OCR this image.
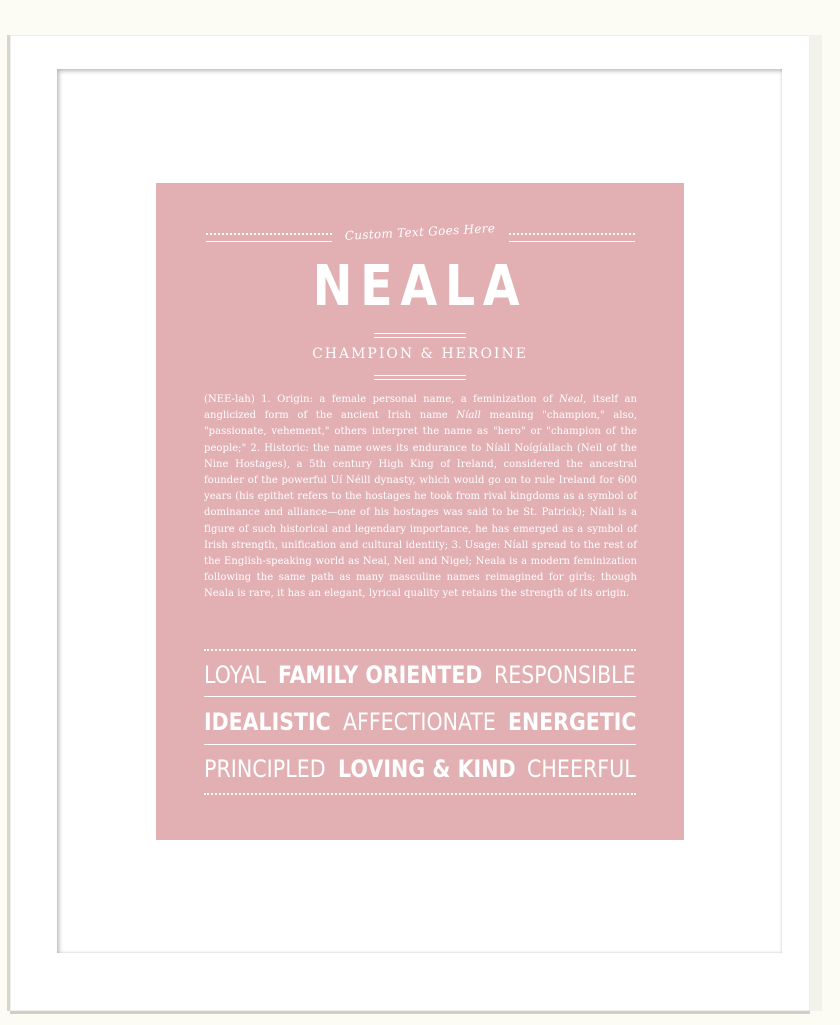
Custom Text Goes Here
NEALA
CHAMPION & HEROINE
(NEE-lah) 1. Origin: a female personal name, a feminization of Neal, itself an anglicized form of the ancient Irish name Níall meaning "champion," also, "passionate, vehement," others interpret the name as "hero" or "champion of the people;" 2. Historic: the name owes its endurance to Níall Noígíallach (Neil of the Nine Hostages), a 5th century High King of Ireland, considered the ancestral founder of the powerful Uí Néill dynasty, which would go on to rule Ireland for 600 years (his epithet refers to the hostages he took from rival kingdoms as a symbol of dominance and alliance—one of his hostages was said to be St. Patrick); Níall is a figure of such historical and legendary importance, he has emerged as a symbol of Irish strength, unification and cultural identity; 3. Usage: Níall spread to the rest of the English-speaking world as Neal, Neil and Nigel; Neala is a modern feminization following the same path as many masculine names reimagined for girls; though Neala is rare, it has an elegant, lyrical quality yet retains the strength of its origin.
LOYAL FAMILY ORIENTED RESPONSIBLE
IDEALISTIC AFFECTIONATE ENERGETIC
PRINCIPLED LOVING & KIND CHEERFUL
